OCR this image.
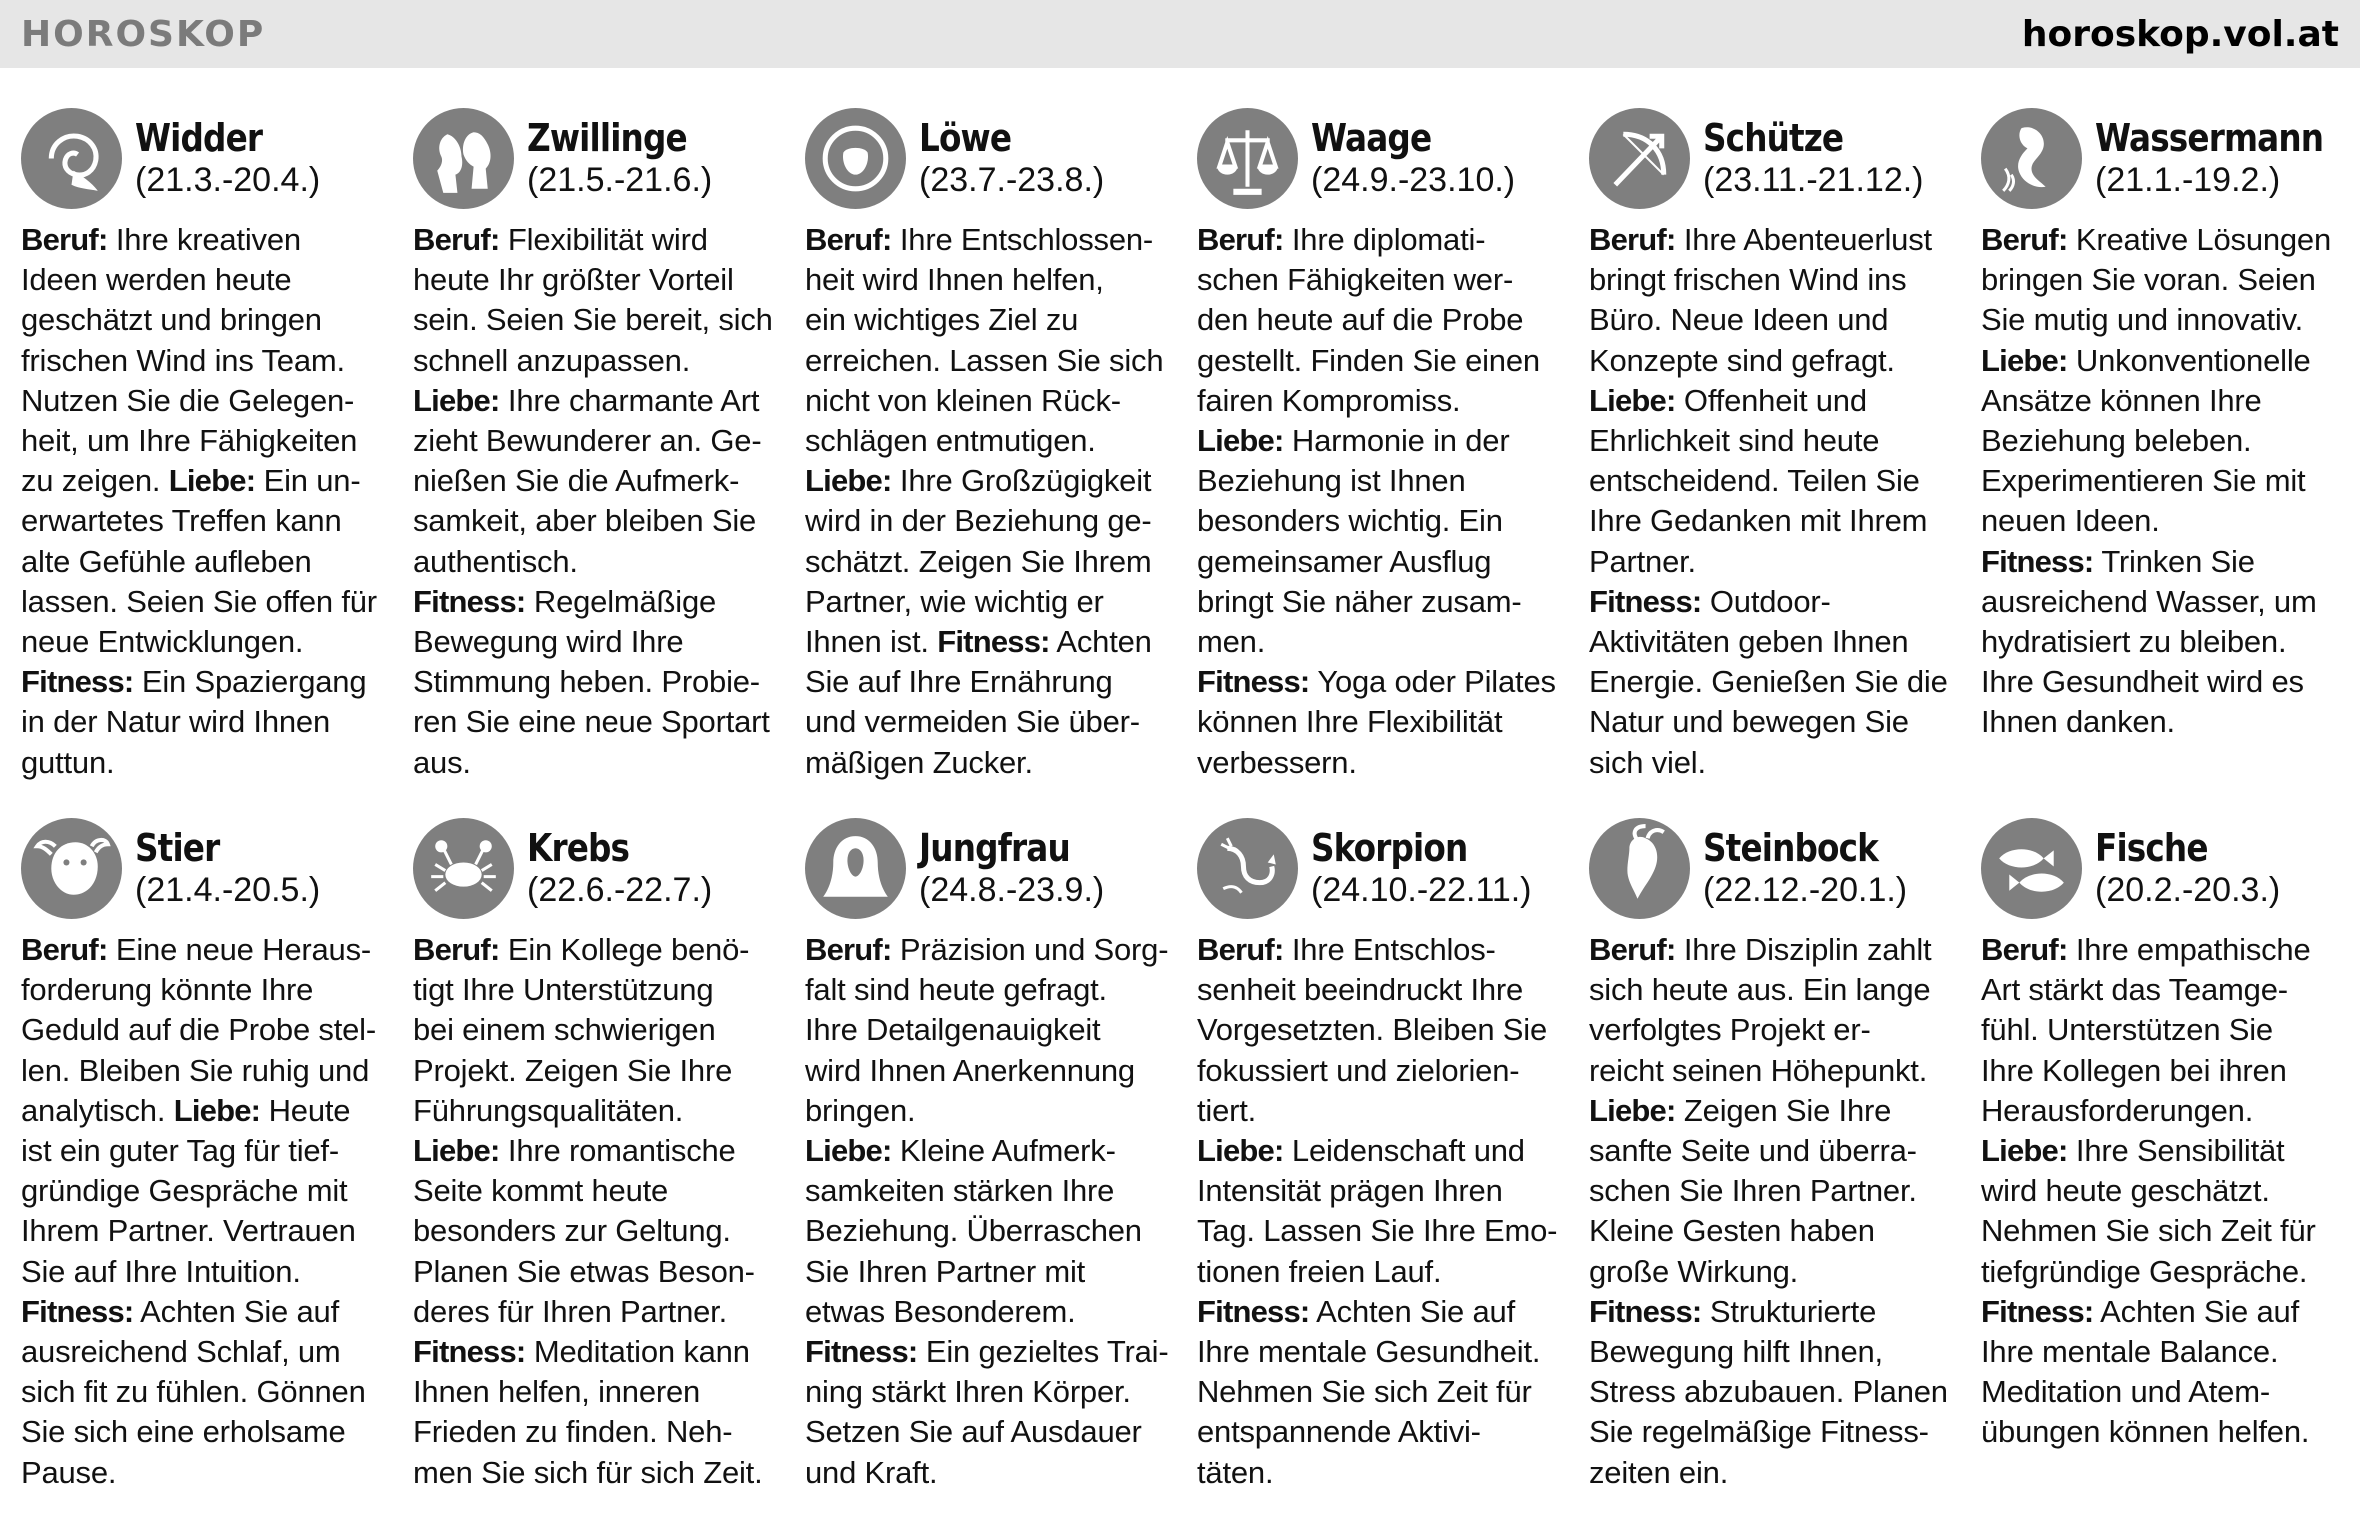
HOROSKOP	horoskop.vol.at
Widder
(21.3.-20.4.)
Beruf: Ihre kreativen
Ideen werden heute
geschätzt und bringen
frischen Wind ins Team.
Nutzen Sie die Gelegen-
heit, um Ihre Fähigkeiten
zu zeigen. Liebe: Ein un-
erwartetes Treffen kann
alte Gefühle aufleben
lassen. Seien Sie offen für
neue Entwicklungen.
Fitness: Ein Spaziergang
in der Natur wird Ihnen
guttun.
Zwillinge
(21.5.-21.6.)
Beruf: Flexibilität wird
heute Ihr größter Vorteil
sein. Seien Sie bereit, sich
schnell anzupassen.
Liebe: Ihre charmante Art
zieht Bewunderer an. Ge-
nießen Sie die Aufmerk-
samkeit, aber bleiben Sie
authentisch.
Fitness: Regelmäßige
Bewegung wird Ihre
Stimmung heben. Probie-
ren Sie eine neue Sportart
aus.
Löwe
(23.7.-23.8.)
Beruf: Ihre Entschlossen-
heit wird Ihnen helfen,
ein wichtiges Ziel zu
erreichen. Lassen Sie sich
nicht von kleinen Rück-
schlägen entmutigen.
Liebe: Ihre Großzügigkeit
wird in der Beziehung ge-
schätzt. Zeigen Sie Ihrem
Partner, wie wichtig er
Ihnen ist. Fitness: Achten
Sie auf Ihre Ernährung
und vermeiden Sie über-
mäßigen Zucker.
Waage
(24.9.-23.10.)
Beruf: Ihre diplomati-
schen Fähigkeiten wer-
den heute auf die Probe
gestellt. Finden Sie einen
fairen Kompromiss.
Liebe: Harmonie in der
Beziehung ist Ihnen
besonders wichtig. Ein
gemeinsamer Ausflug
bringt Sie näher zusam-
men.
Fitness: Yoga oder Pilates
können Ihre Flexibilität
verbessern.
Schütze
(23.11.-21.12.)
Beruf: Ihre Abenteuerlust
bringt frischen Wind ins
Büro. Neue Ideen und
Konzepte sind gefragt.
Liebe: Offenheit und
Ehrlichkeit sind heute
entscheidend. Teilen Sie
Ihre Gedanken mit Ihrem
Partner.
Fitness: Outdoor-
Aktivitäten geben Ihnen
Energie. Genießen Sie die
Natur und bewegen Sie
sich viel.
Wassermann
(21.1.-19.2.)
Beruf: Kreative Lösungen
bringen Sie voran. Seien
Sie mutig und innovativ.
Liebe: Unkonventionelle
Ansätze können Ihre
Beziehung beleben.
Experimentieren Sie mit
neuen Ideen.
Fitness: Trinken Sie
ausreichend Wasser, um
hydratisiert zu bleiben.
Ihre Gesundheit wird es
Ihnen danken.
Stier
(21.4.-20.5.)
Beruf: Eine neue Heraus-
forderung könnte Ihre
Geduld auf die Probe stel-
len. Bleiben Sie ruhig und
analytisch. Liebe: Heute
ist ein guter Tag für tief-
gründige Gespräche mit
Ihrem Partner. Vertrauen
Sie auf Ihre Intuition.
Fitness: Achten Sie auf
ausreichend Schlaf, um
sich fit zu fühlen. Gönnen
Sie sich eine erholsame
Pause.
Krebs
(22.6.-22.7.)
Beruf: Ein Kollege benö-
tigt Ihre Unterstützung
bei einem schwierigen
Projekt. Zeigen Sie Ihre
Führungsqualitäten.
Liebe: Ihre romantische
Seite kommt heute
besonders zur Geltung.
Planen Sie etwas Beson-
deres für Ihren Partner.
Fitness: Meditation kann
Ihnen helfen, inneren
Frieden zu finden. Neh-
men Sie sich für sich Zeit.
Jungfrau
(24.8.-23.9.)
Beruf: Präzision und Sorg-
falt sind heute gefragt.
Ihre Detailgenauigkeit
wird Ihnen Anerkennung
bringen.
Liebe: Kleine Aufmerk-
samkeiten stärken Ihre
Beziehung. Überraschen
Sie Ihren Partner mit
etwas Besonderem.
Fitness: Ein gezieltes Trai-
ning stärkt Ihren Körper.
Setzen Sie auf Ausdauer
und Kraft.
Skorpion
(24.10.-22.11.)
Beruf: Ihre Entschlos-
senheit beeindruckt Ihre
Vorgesetzten. Bleiben Sie
fokussiert und zielorien-
tiert.
Liebe: Leidenschaft und
Intensität prägen Ihren
Tag. Lassen Sie Ihre Emo-
tionen freien Lauf.
Fitness: Achten Sie auf
Ihre mentale Gesundheit.
Nehmen Sie sich Zeit für
entspannende Aktivi-
täten.
Steinbock
(22.12.-20.1.)
Beruf: Ihre Disziplin zahlt
sich heute aus. Ein lange
verfolgtes Projekt er-
reicht seinen Höhepunkt.
Liebe: Zeigen Sie Ihre
sanfte Seite und überra-
schen Sie Ihren Partner.
Kleine Gesten haben
große Wirkung.
Fitness: Strukturierte
Bewegung hilft Ihnen,
Stress abzubauen. Planen
Sie regelmäßige Fitness-
zeiten ein.
Fische
(20.2.-20.3.)
Beruf: Ihre empathische
Art stärkt das Teamge-
fühl. Unterstützen Sie
Ihre Kollegen bei ihren
Herausforderungen.
Liebe: Ihre Sensibilität
wird heute geschätzt.
Nehmen Sie sich Zeit für
tiefgründige Gespräche.
Fitness: Achten Sie auf
Ihre mentale Balance.
Meditation und Atem-
übungen können helfen.
